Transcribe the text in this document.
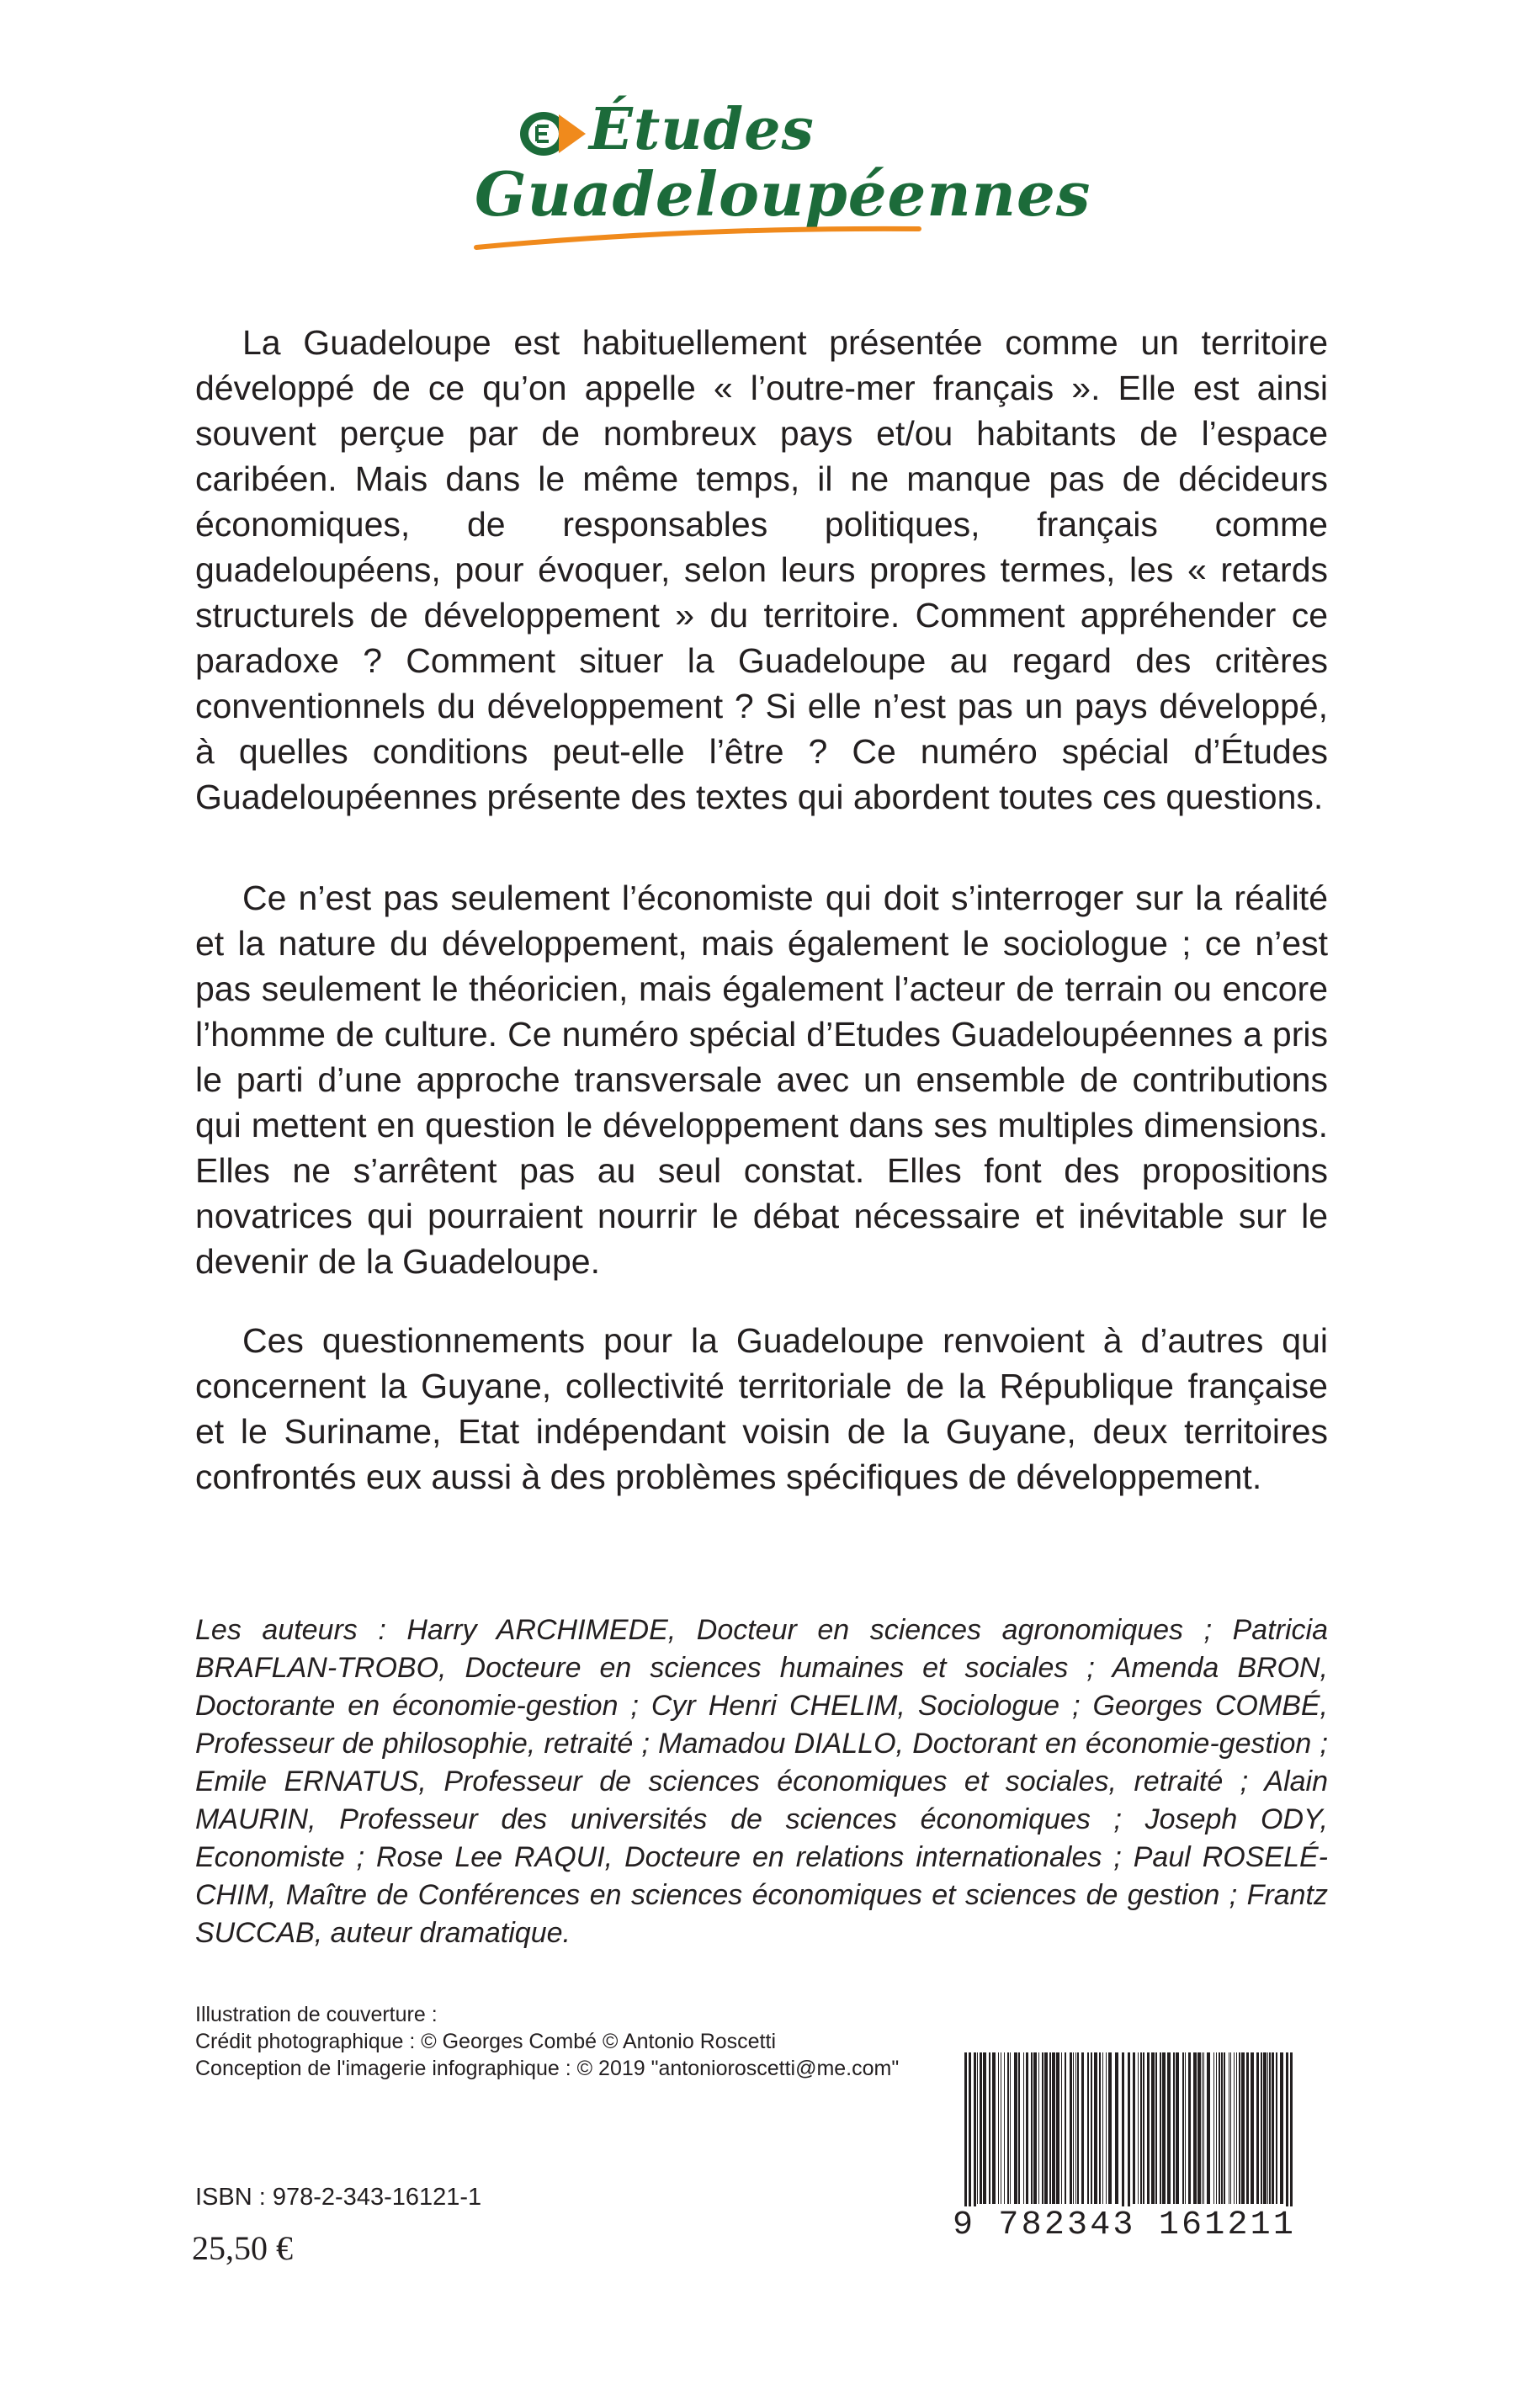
Études
Guadeloupéennes

La Guadeloupe est habituellement présentée comme un territoire développé de ce qu’on appelle « l’outre-mer français ». Elle est ainsi souvent perçue par de nombreux pays et/ou habitants de l’espace caribéen. Mais dans le même temps, il ne manque pas de décideurs économiques, de responsables politiques, français comme guadeloupéens, pour évoquer, selon leurs propres termes, les « retards structurels de développement » du territoire. Comment appréhender ce paradoxe ? Comment situer la Guadeloupe au regard des critères conventionnels du développement ? Si elle n’est pas un pays développé, à quelles conditions peut-elle l’être ? Ce numéro spécial d’Études Guadeloupéennes présente des textes qui abordent toutes ces questions.

Ce n’est pas seulement l’économiste qui doit s’interroger sur la réalité et la nature du développement, mais également le sociologue ; ce n’est pas seulement le théoricien, mais également l’acteur de terrain ou encore l’homme de culture. Ce numéro spécial d’Etudes Guadeloupéennes a pris le parti d’une approche transversale avec un ensemble de contributions qui mettent en question le développement dans ses multiples dimensions. Elles ne s’arrêtent pas au seul constat. Elles font des propositions novatrices qui pourraient nourrir le débat nécessaire et inévitable sur le devenir de la Guadeloupe.

Ces questionnements pour la Guadeloupe renvoient à d’autres qui concernent la Guyane, collectivité territoriale de la République française et le Suriname, Etat indépendant voisin de la Guyane, deux territoires confrontés eux aussi à des problèmes spécifiques de développement.

Les auteurs : Harry ARCHIMEDE, Docteur en sciences agronomiques ; Patricia BRAFLAN-TROBO, Docteure en sciences humaines et sociales ; Amenda BRON, Doctorante en économie-gestion ; Cyr Henri CHELIM, Sociologue ; Georges COMBÉ, Professeur de philosophie, retraité ; Mamadou DIALLO, Doctorant en économie-gestion ; Emile ERNATUS, Professeur de sciences économiques et sociales, retraité ; Alain MAURIN, Professeur des universités de sciences économiques ; Joseph ODY, Economiste ; Rose Lee RAQUI, Docteure en relations internationales ; Paul ROSELÉ-CHIM, Maître de Conférences en sciences économiques et sciences de gestion ; Frantz SUCCAB, auteur dramatique.

Illustration de couverture :
Crédit photographique : © Georges Combé © Antonio Roscetti
Conception de l'imagerie infographique : © 2019 "antonioroscetti@me.com"
ISBN : 978-2-343-16121-1
25,50 €
9 782343 161211
